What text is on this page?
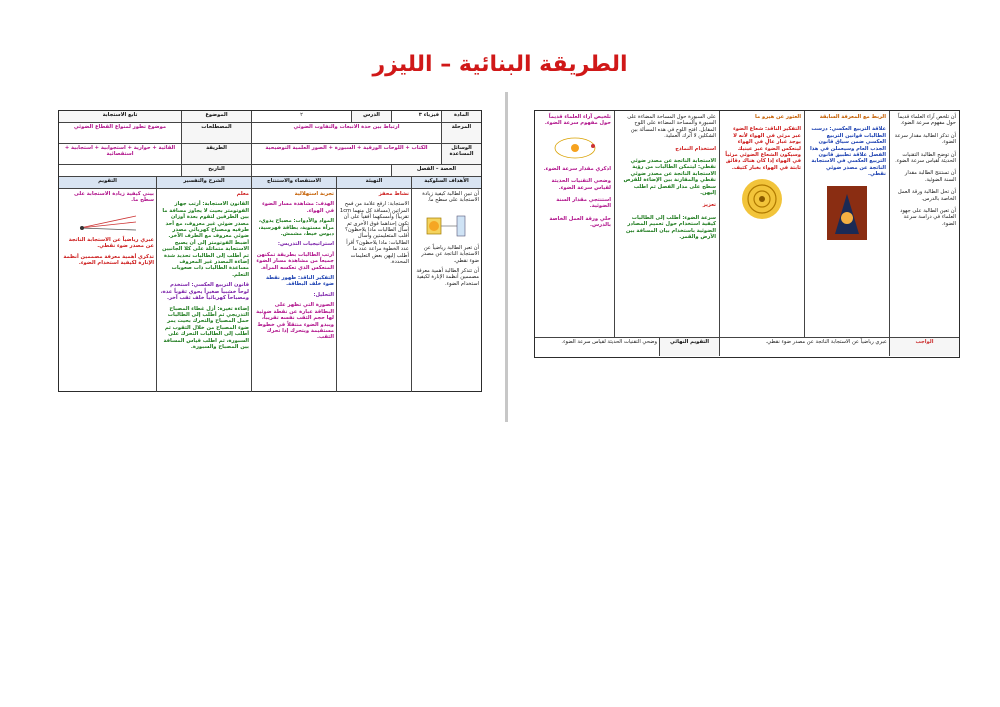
الطريقة البنائية – الليزر
المادة
فيزياء ٣
الدرس
٢
الموضوع
تابع الاستجابة
المرحلة
ارتباط بين حدة الانبعاث والتفاوت الضوئي
المصطلحات
موضوع تطور لمنواع القطاع الضوئي
الوسائل المساعدة
الكتاب + اللوحات الورقية + السبورة + الصور العلمية التوضيحية
الطريقة
القائية + حوارية + استجوابية + استجابية + استقصائية
الحصة – الفصل
التاريخ
الأهداف السلوكية
التهيئة
الاستقصاء والاستنتاج
الشرح والتفسير
التقويم

أن تبين الطالبة كيفية زيادة الاستجابة على سطح ما.

أن تعبر الطالبة رياضياً عن الاستجابة الناتجة عن مصدر ضوء نقطي.

أن تتذكر الطالبة أهمية معرفة مصممين أنظمة الإنارة لكيفية استخدام الضوء.

نشاط محفز

الاستجابة: ارفع علامة من فمح المراتين (مسافة كل منهما 1cm تقريباً) وأمسكهما أفقياً على أن تكون إحداهما فوق الأخرى ثم أسأل الطالبات ماذا يلاحظون؟ أقلب المتعليمتين وأسأل الطالبات: ماذا يلاحظون؟ أقرأ عدد الخطوة مراعة عدد ما أطلب إليهن بعض التعليمات المحددة.

تجربة استهلالية

الهدف: مشاهدة مسار الضوء في الهواء.

المواد والأدوات: مصباح يدوي، مرآة مستوية، بطاقة فهرسية، دبوس خيط، مشمش.

استراتيجيات التدريس:

أرتب الطالبات بطريقة تمكنهن جميعاً من مشاهدة مسار الضوء المنعكس الذي تعكسه المرآة.

التفكير الناقد: ظهور نقطة ضوء خلف البطاقة.

التحليل:

الصورة التي تظهر على البطاقة عبارة عن نقطة ضوئية لها حجم الثقب نفسه تقريباً، ويبدو الضوء منتقلاً في خطوط مستقيمة ويتحرك إذا تحرك الثقب.

معلم

القانون الاستجابة: أرتب جهاز الفوتومتر بحيث لا يجاوز مسافة ما بين الطرفين لتقوم بعدة أوزان مصدر ضوئي غير معروف، مع أحد طرفيه ومصباح كهربائي مصدر ضوئي معروف مع الطرف الآخر. أضبط الفوتومتر إلى أن يصبح الاستجابة متماثلة على كلا الجانبين ثم أطلب إلى الطالبات تحديد شدة إضاءة المصدر غير المعروف مساعدة الطالبات ذات صعوبات التعلم.

قانون التربيع العكسي: استخدم لوحاً خشبياً صغيراً يحوي ثقوباً عدة، ومصباحاً كهربائياً خلف ثقب آخر.

إضاءة تغيرة: أزل غطاء المصباح التدريجي ثم أطلب إلى الطالبات حمل المصباح والتحرك بحيث يمر ضوء المصباح من خلال الثقوب ثم أطلب إلى الطالبات التحرك على السبورة، ثم اطلب قياس المسافة بين المصباح والسبورة.

بيني كيفية زيادة الاستجابة على سطح ما.

عبري رياضياً عن الاستجابة الناتجة عن مصدر ضوء نقطي.

تذكري أهمية معرفة مصممين أنظمة الإنارة لكيفية استخدام الضوء.

أن تلخص آراء العلماء قديماً حول مفهوم سرعة الضوء.

أن تذكر الطالبة مقدار سرعة الضوء.

أن توضح الطالبة التقنيات الحديثة لقياس سرعة الضوء.

أن تستنتج الطالبة مقدار السنة الضوئية.

أن تحل الطالبة ورقة العمل الخاصة بالدرس.

أن تعين الطالبة على جهود العلماء في دراسة سرعة الضوء.

الربط مع المعرفة السابقة

علاقة التربيع العكسي: درست الطالبات قوانين التربيع العكسي ضمن سياق قانون الجذب العام وسيعملن في هذا الفصل علاقة تطبيق قانون التربيع العكسي في الاستجابة الناتجة عن مصدر ضوئي نقطي.

العثور عن هيرو ما

التفكير الناقد: شعاع الضوء عبر مرئي في الهواء لأنه لا يوجد غبار عالٍ في الهواء لينعكس الضوء عبر عينيك وسيكون الشعاع الضوئي مرئياً في الهواء إذا كان هناك دقائق ثابتة في الهواء بغبار كثيف.

على السبورة حول المساحة المضاءة على السبورة والمساحة المضاءة على اللوح المقابل. افتح اللوح في هذه المسألة بين الشكلين لا أترك العملية.

استخدام النماذج

الاستجابة الناتجة عن مصدر ضوئي نقطي: ليتمكن الطالبات من رؤية الاستجابة الناتجة عن مصدر ضوئي نقطي والمقارنة بين الإضاءة للقرص سطح على مدار الفصل ثم اطلب إليهن.

تعزيز

سرعة الضوء: أطلب إلى الطالبات كيفية استخدام حول تعميم المصادر الضوئية باستخدام بيان المسافة بين الأرض والقمر.

تلخيص آراء العلماء قديماً حول مفهوم سرعة الضوء.

اذكري مقدار سرعة الضوء.

وضحي التقنيات الحديثة لقياس سرعة الضوء.

استنتجي مقدار السنة الضوئية.

حلي ورقة العمل الخاصة بالدرس.

الواجب
عبري رياضياً عن الاستجابة الناتجة عن مصدر ضوء نقطي.
التقويم النهائي
وضحي التقنيات الحديثة لقياس سرعة الضوء.
